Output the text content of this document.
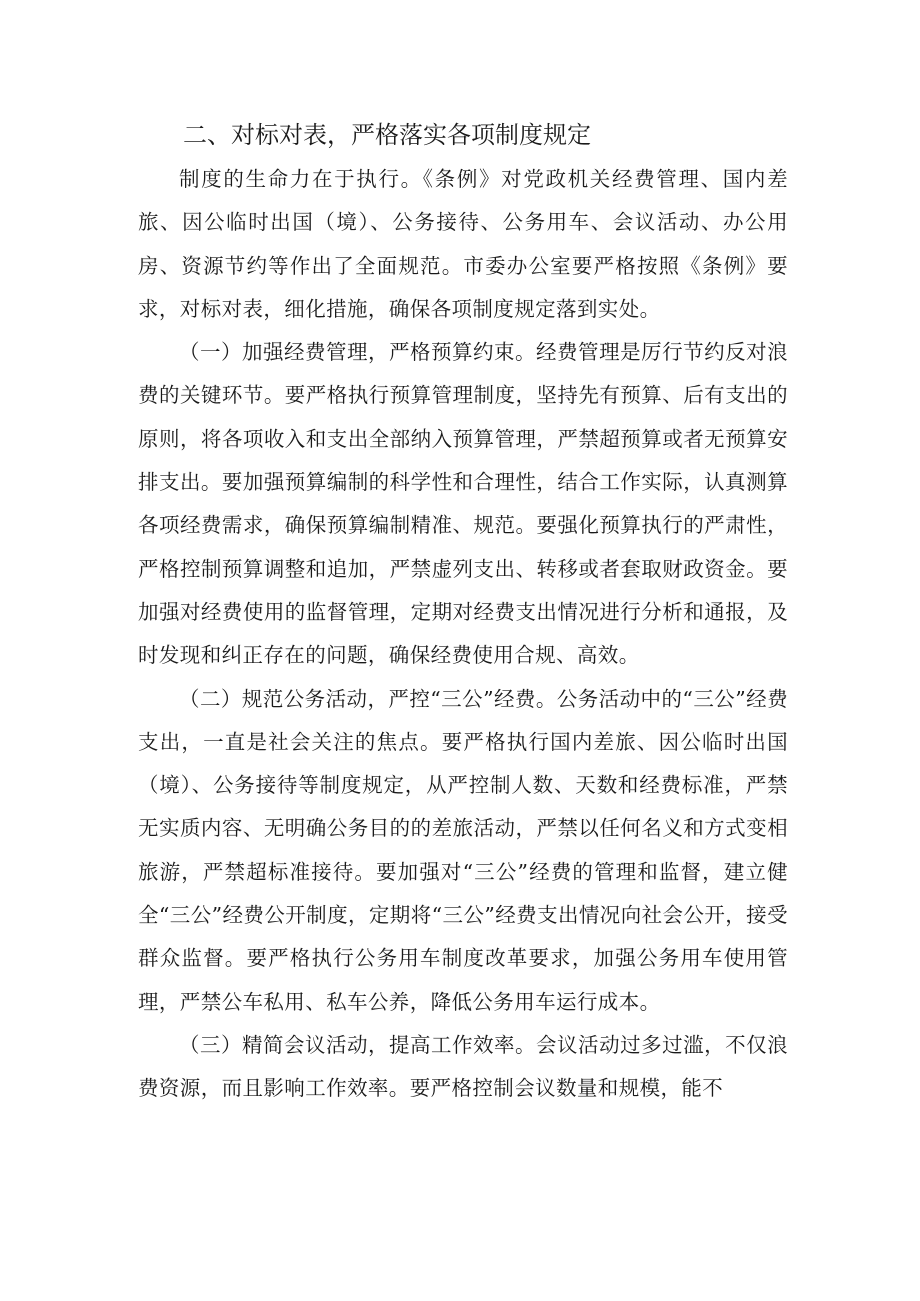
二、对标对表，严格落实各项制度规定

制度的生命力在于执行。《条例》对党政机关经费管理、国内差旅、因公临时出国（境）、公务接待、公务用车、会议活动、办公用房、资源节约等作出了全面规范。市委办公室要严格按照《条例》要求，对标对表，细化措施，确保各项制度规定落到实处。

（一）加强经费管理，严格预算约束。经费管理是厉行节约反对浪费的关键环节。要严格执行预算管理制度，坚持先有预算、后有支出的原则，将各项收入和支出全部纳入预算管理，严禁超预算或者无预算安排支出。要加强预算编制的科学性和合理性，结合工作实际，认真测算各项经费需求，确保预算编制精准、规范。要强化预算执行的严肃性，严格控制预算调整和追加，严禁虚列支出、转移或者套取财政资金。要加强对经费使用的监督管理，定期对经费支出情况进行分析和通报，及时发现和纠正存在的问题，确保经费使用合规、高效。

（二）规范公务活动，严控“三公”经费。公务活动中的“三公”经费支出，一直是社会关注的焦点。要严格执行国内差旅、因公临时出国（境）、公务接待等制度规定，从严控制人数、天数和经费标准，严禁无实质内容、无明确公务目的的差旅活动，严禁以任何名义和方式变相旅游，严禁超标准接待。要加强对“三公”经费的管理和监督，建立健全“三公”经费公开制度，定期将“三公”经费支出情况向社会公开，接受群众监督。要严格执行公务用车制度改革要求，加强公务用车使用管理，严禁公车私用、私车公养，降低公务用车运行成本。

（三）精简会议活动，提高工作效率。会议活动过多过滥，不仅浪费资源，而且影响工作效率。要严格控制会议数量和规模，能不
